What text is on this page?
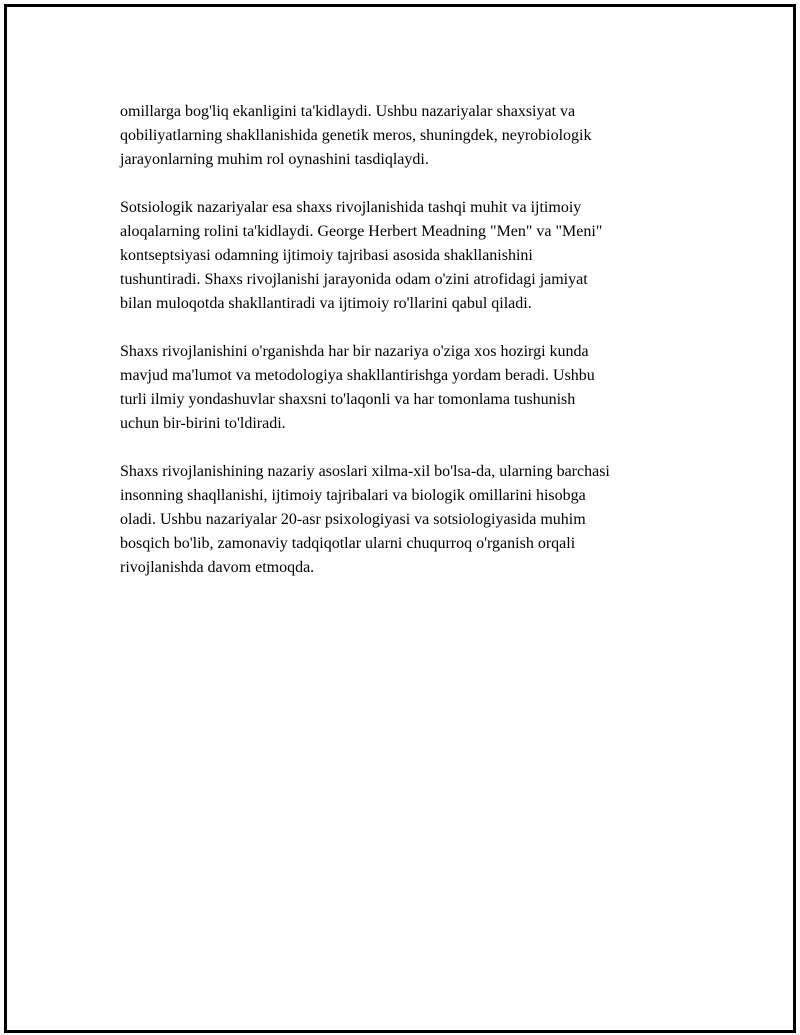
omillarga bog'liq ekanligini ta'kidlaydi. Ushbu nazariyalar shaxsiyat va
qobiliyatlarning shakllanishida genetik meros, shuningdek, neyrobiologik
jarayonlarning muhim rol oynashini tasdiqlaydi.

Sotsiologik nazariyalar esa shaxs rivojlanishida tashqi muhit va ijtimoiy
aloqalarning rolini ta'kidlaydi. George Herbert Meadning "Men" va "Meni"
kontseptsiyasi odamning ijtimoiy tajribasi asosida shakllanishini
tushuntiradi. Shaxs rivojlanishi jarayonida odam o'zini atrofidagi jamiyat
bilan muloqotda shakllantiradi va ijtimoiy ro'llarini qabul qiladi.

Shaxs rivojlanishini o'rganishda har bir nazariya o'ziga xos hozirgi kunda
mavjud ma'lumot va metodologiya shakllantirishga yordam beradi. Ushbu
turli ilmiy yondashuvlar shaxsni to'laqonli va har tomonlama tushunish
uchun bir-birini to'ldiradi.

Shaxs rivojlanishining nazariy asoslari xilma-xil bo'lsa-da, ularning barchasi
insonning shaqllanishi, ijtimoiy tajribalari va biologik omillarini hisobga
oladi. Ushbu nazariyalar 20-asr psixologiyasi va sotsiologiyasida muhim
bosqich bo'lib, zamonaviy tadqiqotlar ularni chuqurroq o'rganish orqali
rivojlanishda davom etmoqda.
